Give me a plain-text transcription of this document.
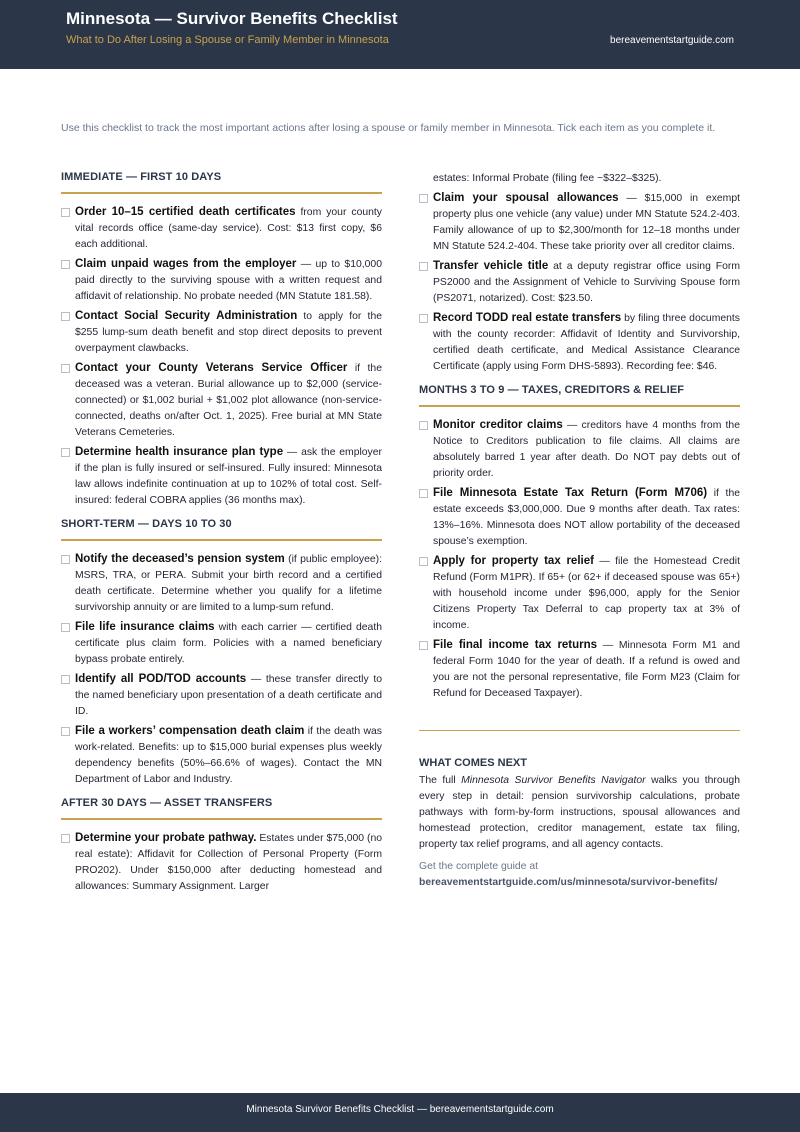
Minnesota — Survivor Benefits Checklist
What to Do After Losing a Spouse or Family Member in Minnesota	bereavementstartguide.com
Use this checklist to track the most important actions after losing a spouse or family member in Minnesota. Tick each item as you complete it.
IMMEDIATE — FIRST 10 DAYS
Order 10–15 certified death certificates from your county vital records office (same-day service). Cost: $13 first copy, $6 each additional.
Claim unpaid wages from the employer — up to $10,000 paid directly to the surviving spouse with a written request and affidavit of relationship. No probate needed (MN Statute 181.58).
Contact Social Security Administration to apply for the $255 lump-sum death benefit and stop direct deposits to prevent overpayment clawbacks.
Contact your County Veterans Service Officer if the deceased was a veteran. Burial allowance up to $2,000 (service-connected) or $1,002 burial + $1,002 plot allowance (non-service-connected, deaths on/after Oct. 1, 2025). Free burial at MN State Veterans Cemeteries.
Determine health insurance plan type — ask the employer if the plan is fully insured or self-insured. Fully insured: Minnesota law allows indefinite continuation at up to 102% of total cost. Self-insured: federal COBRA applies (36 months max).
SHORT-TERM — DAYS 10 TO 30
Notify the deceased’s pension system (if public employee): MSRS, TRA, or PERA. Submit your birth record and a certified death certificate. Determine whether you qualify for a lifetime survivorship annuity or are limited to a lump-sum refund.
File life insurance claims with each carrier — certified death certificate plus claim form. Policies with a named beneficiary bypass probate entirely.
Identify all POD/TOD accounts — these transfer directly to the named beneficiary upon presentation of a death certificate and ID.
File a workers’ compensation death claim if the death was work-related. Benefits: up to $15,000 burial expenses plus weekly dependency benefits (50%–66.6% of wages). Contact the MN Department of Labor and Industry.
AFTER 30 DAYS — ASSET TRANSFERS
Determine your probate pathway. Estates under $75,000 (no real estate): Affidavit for Collection of Personal Property (Form PRO202). Under $150,000 after deducting homestead and allowances: Summary Assignment. Larger
estates: Informal Probate (filing fee ~$322–$325).
Claim your spousal allowances — $15,000 in exempt property plus one vehicle (any value) under MN Statute 524.2-403. Family allowance of up to $2,300/month for 12–18 months under MN Statute 524.2-404. These take priority over all creditor claims.
Transfer vehicle title at a deputy registrar office using Form PS2000 and the Assignment of Vehicle to Surviving Spouse form (PS2071, notarized). Cost: $23.50.
Record TODD real estate transfers by filing three documents with the county recorder: Affidavit of Identity and Survivorship, certified death certificate, and Medical Assistance Clearance Certificate (apply using Form DHS-5893). Recording fee: $46.
MONTHS 3 TO 9 — TAXES, CREDITORS & RELIEF
Monitor creditor claims — creditors have 4 months from the Notice to Creditors publication to file claims. All claims are absolutely barred 1 year after death. Do NOT pay debts out of priority order.
File Minnesota Estate Tax Return (Form M706) if the estate exceeds $3,000,000. Due 9 months after death. Tax rates: 13%–16%. Minnesota does NOT allow portability of the deceased spouse’s exemption.
Apply for property tax relief — file the Homestead Credit Refund (Form M1PR). If 65+ (or 62+ if deceased spouse was 65+) with household income under $96,000, apply for the Senior Citizens Property Tax Deferral to cap property tax at 3% of income.
File final income tax returns — Minnesota Form M1 and federal Form 1040 for the year of death. If a refund is owed and you are not the personal representative, file Form M23 (Claim for Refund for Deceased Taxpayer).
WHAT COMES NEXT
The full Minnesota Survivor Benefits Navigator walks you through every step in detail: pension survivorship calculations, probate pathways with form-by-form instructions, spousal allowances and homestead protection, creditor management, estate tax filing, property tax relief programs, and all agency contacts.
Get the complete guide at
bereavementstartguide.com/us/minnesota/survivor-benefits/
Minnesota Survivor Benefits Checklist — bereavementstartguide.com
